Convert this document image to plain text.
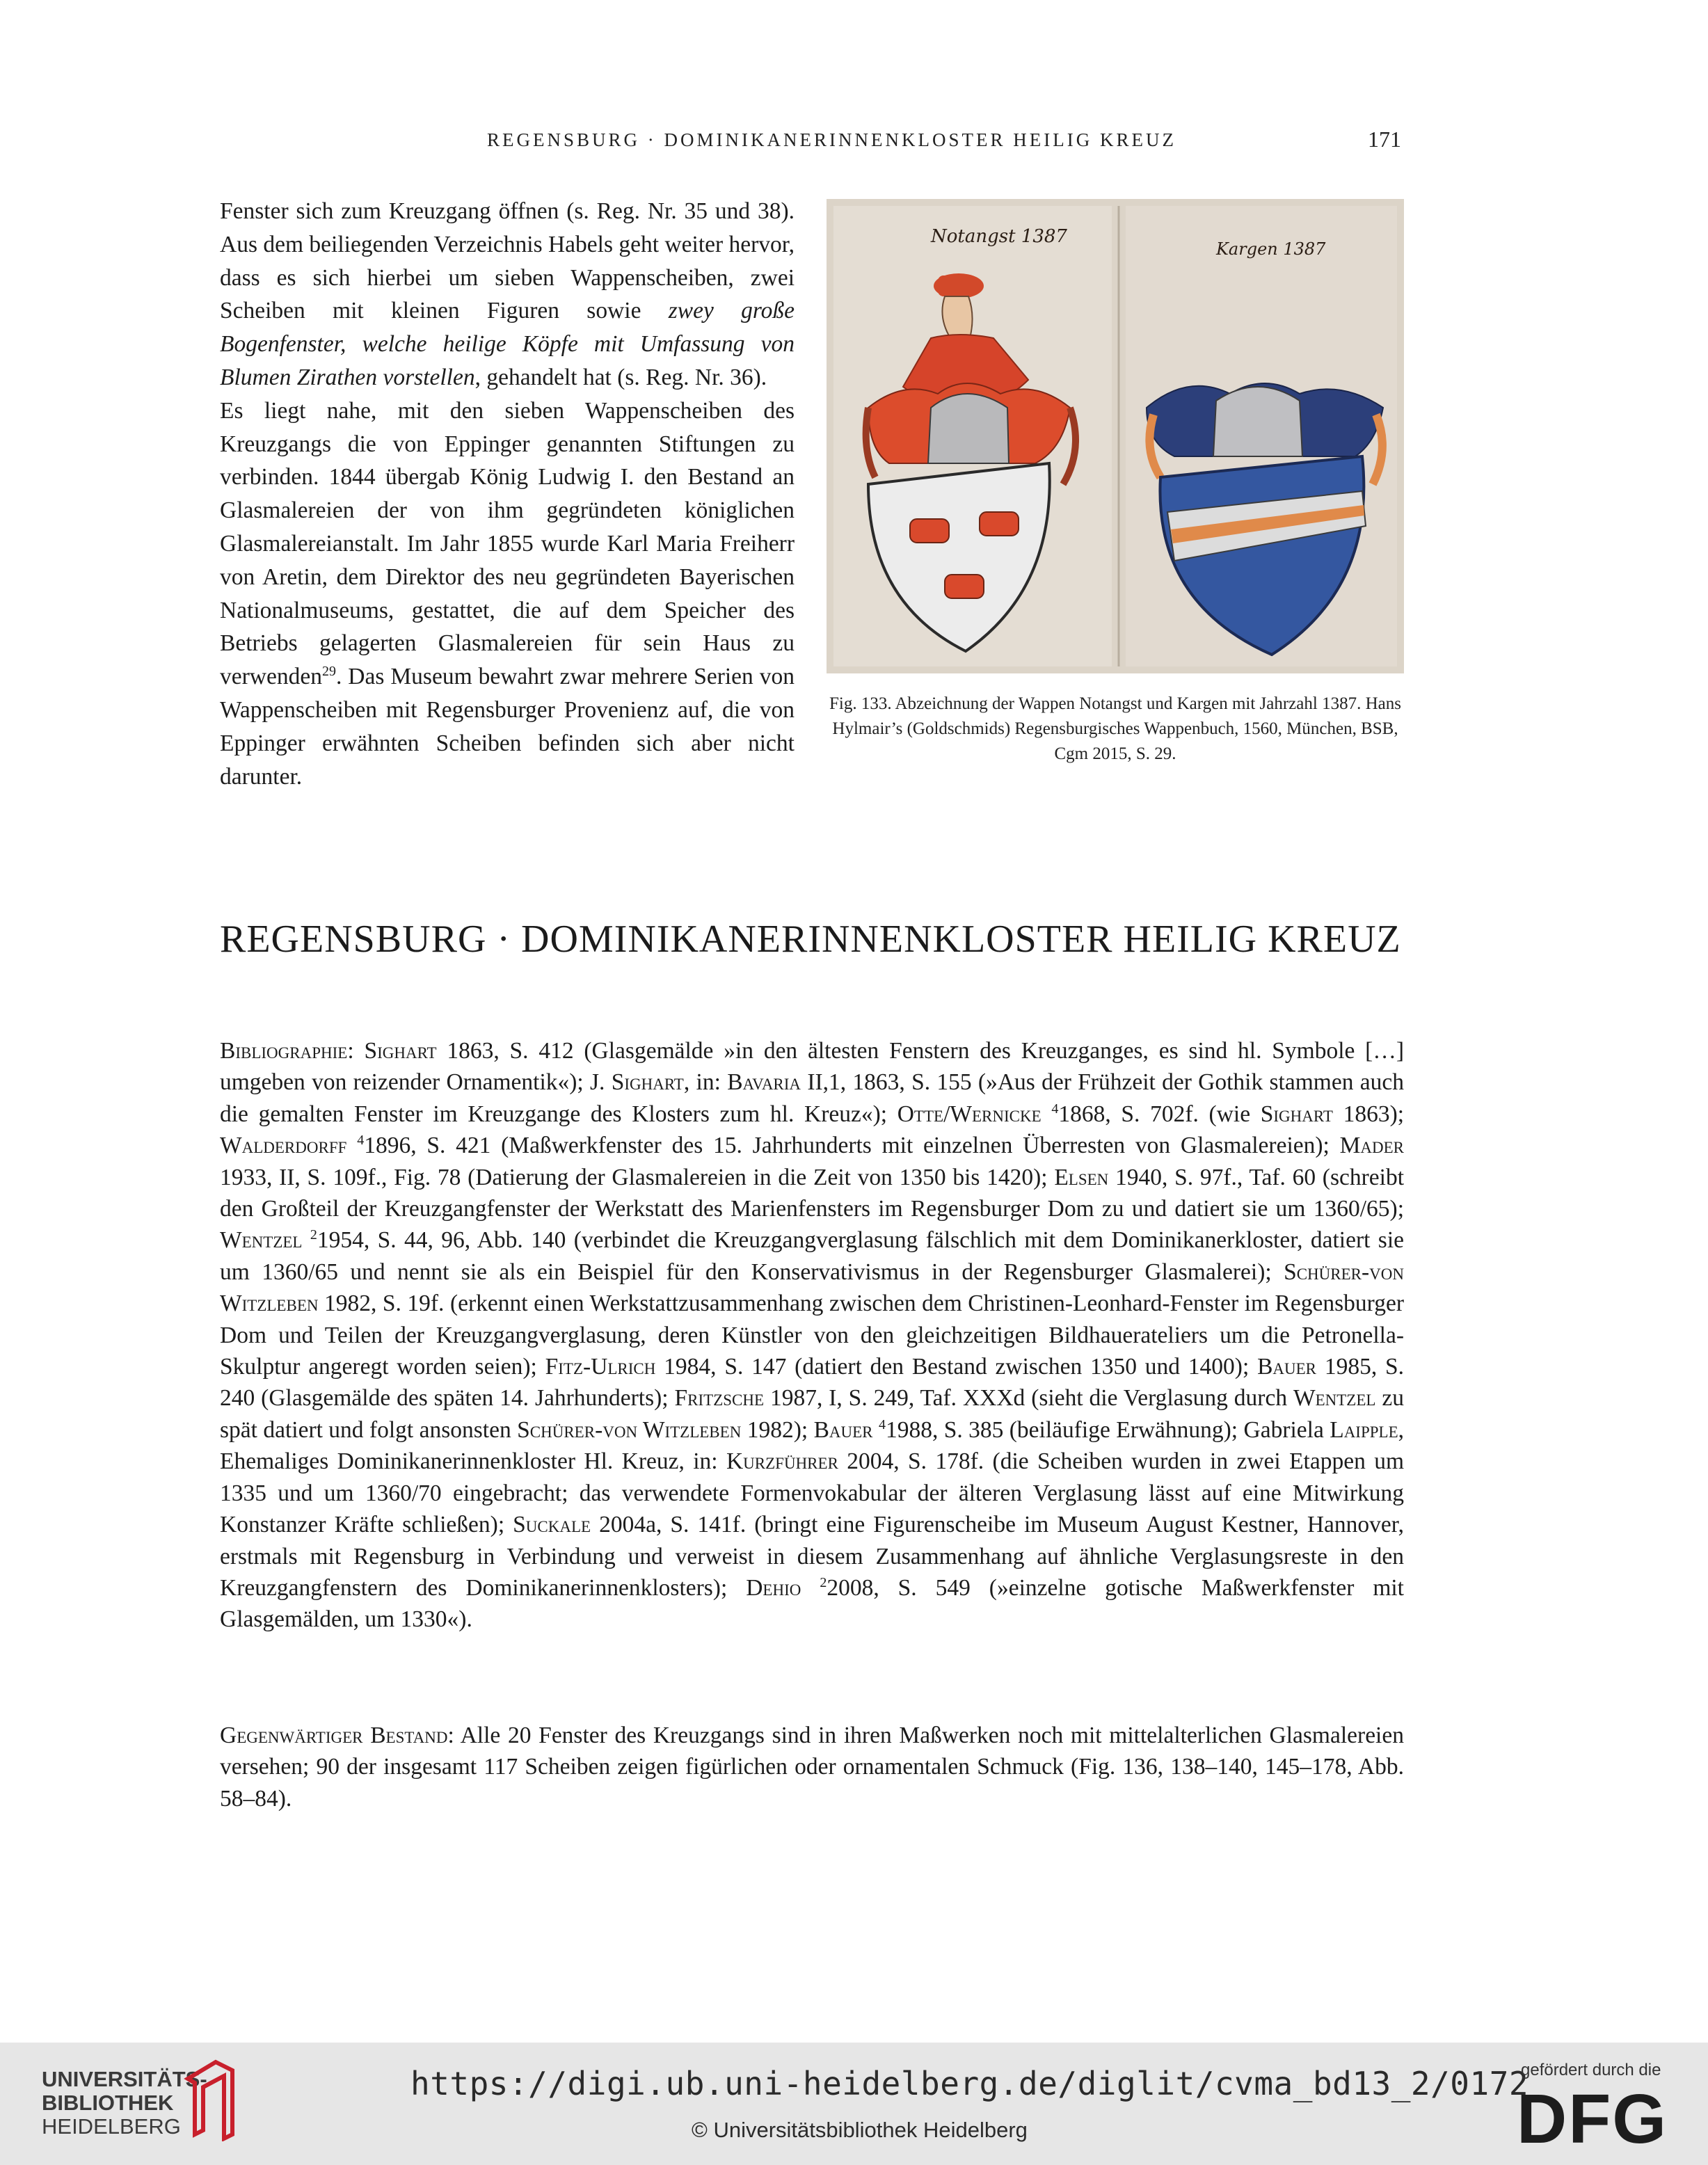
REGENSBURG · DOMINIKANERINNENKLOSTER HEILIG KREUZ	171

Fenster sich zum Kreuzgang öffnen (s. Reg. Nr. 35 und 38). Aus dem beiliegenden Verzeichnis Habels geht weiter hervor, dass es sich hierbei um sieben Wappenscheiben, zwei Scheiben mit kleinen Figuren sowie zwey große Bogenfenster, welche heilige Köpfe mit Umfassung von Blumen Zirathen vorstellen, gehandelt hat (s. Reg. Nr. 36).

Es liegt nahe, mit den sieben Wappenscheiben des Kreuzgangs die von Eppinger genannten Stiftungen zu verbinden. 1844 übergab König Ludwig I. den Bestand an Glasmalereien der von ihm gegründeten königlichen Glasmalereianstalt. Im Jahr 1855 wurde Karl Maria Freiherr von Aretin, dem Direktor des neu gegründeten Bayerischen Nationalmuseums, gestattet, die auf dem Speicher des Betriebs gelagerten Glasmalereien für sein Haus zu verwenden$^{29}$. Das Museum bewahrt zwar mehrere Serien von Wappenscheiben mit Regensburger Provenienz auf, die von Eppinger erwähnten Scheiben befinden sich aber nicht darunter.

Notangst 1387
Kargen 1387
Fig. 133. Abzeichnung der Wappen Notangst und Kargen mit Jahrzahl 1387. Hans Hylmair’s (Goldschmids) Regensburgisches Wappenbuch, 1560, München, BSB, Cgm 2015, S. 29.
REGENSBURG · DOMINIKANERINNENKLOSTER HEILIG KREUZ
Bibliographie: Sighart 1863, S. 412 (Glasgemälde »in den ältesten Fenstern des Kreuzganges, es sind hl. Symbole […] umgeben von reizender Ornamentik«); J. Sighart, in: Bavaria II,1, 1863, S. 155 (»Aus der Frühzeit der Gothik stammen auch die gemalten Fenster im Kreuzgange des Klosters zum hl. Kreuz«); Otte/Wernicke $^4$1868, S. 702f. (wie Sighart 1863); Walderdorff $^4$1896, S. 421 (Maßwerkfenster des 15. Jahrhunderts mit einzelnen Überresten von Glasmalereien); Mader 1933, II, S. 109f., Fig. 78 (Datierung der Glasmalereien in die Zeit von 1350 bis 1420); Elsen 1940, S. 97f., Taf. 60 (schreibt den Großteil der Kreuzgangfenster der Werkstatt des Marienfensters im Regensburger Dom zu und datiert sie um 1360/65); Wentzel $^2$1954, S. 44, 96, Abb. 140 (verbindet die Kreuzgangverglasung fälschlich mit dem Dominikanerkloster, datiert sie um 1360/65 und nennt sie als ein Beispiel für den Konservativismus in der Regensburger Glasmalerei); Schürer-von Witzleben 1982, S. 19f. (erkennt einen Werkstattzusammenhang zwischen dem Christinen-Leonhard-Fenster im Regensburger Dom und Teilen der Kreuzgangverglasung, deren Künstler von den gleichzeitigen Bildhauerateliers um die Petronella-Skulptur angeregt worden seien); Fitz-Ulrich 1984, S. 147 (datiert den Bestand zwischen 1350 und 1400); Bauer 1985, S. 240 (Glasgemälde des späten 14. Jahrhunderts); Fritzsche 1987, I, S. 249, Taf. XXXd (sieht die Verglasung durch Wentzel zu spät datiert und folgt ansonsten Schürer-von Witzleben 1982); Bauer $^4$1988, S. 385 (beiläufige Erwähnung); Gabriela Laipple, Ehemaliges Dominikanerinnenkloster Hl. Kreuz, in: Kurzführer 2004, S. 178f. (die Scheiben wurden in zwei Etappen um 1335 und um 1360/70 eingebracht; das verwendete Formenvokabular der älteren Verglasung lässt auf eine Mitwirkung Konstanzer Kräfte schließen); Suckale 2004a, S. 141f. (bringt eine Figurenscheibe im Museum August Kestner, Hannover, erstmals mit Regensburg in Verbindung und verweist in diesem Zusammenhang auf ähnliche Verglasungsreste in den Kreuzgangfenstern des Dominikanerinnenklosters); Dehio $^2$2008, S. 549 (»einzelne gotische Maßwerkfenster mit Glasgemälden, um 1330«).
Gegenwärtiger Bestand: Alle 20 Fenster des Kreuzgangs sind in ihren Maßwerken noch mit mittelalterlichen Glasmalereien versehen; 90 der insgesamt 117 Scheiben zeigen figürlichen oder ornamentalen Schmuck (Fig. 136, 138–140, 145–178, Abb. 58–84).
UNIVERSITÄTS-
BIBLIOTHEK
HEIDELBERG
https://digi.ub.uni-heidelberg.de/diglit/cvma_bd13_2/0172
© Universitätsbibliothek Heidelberg
gefördert durch die
DFG
